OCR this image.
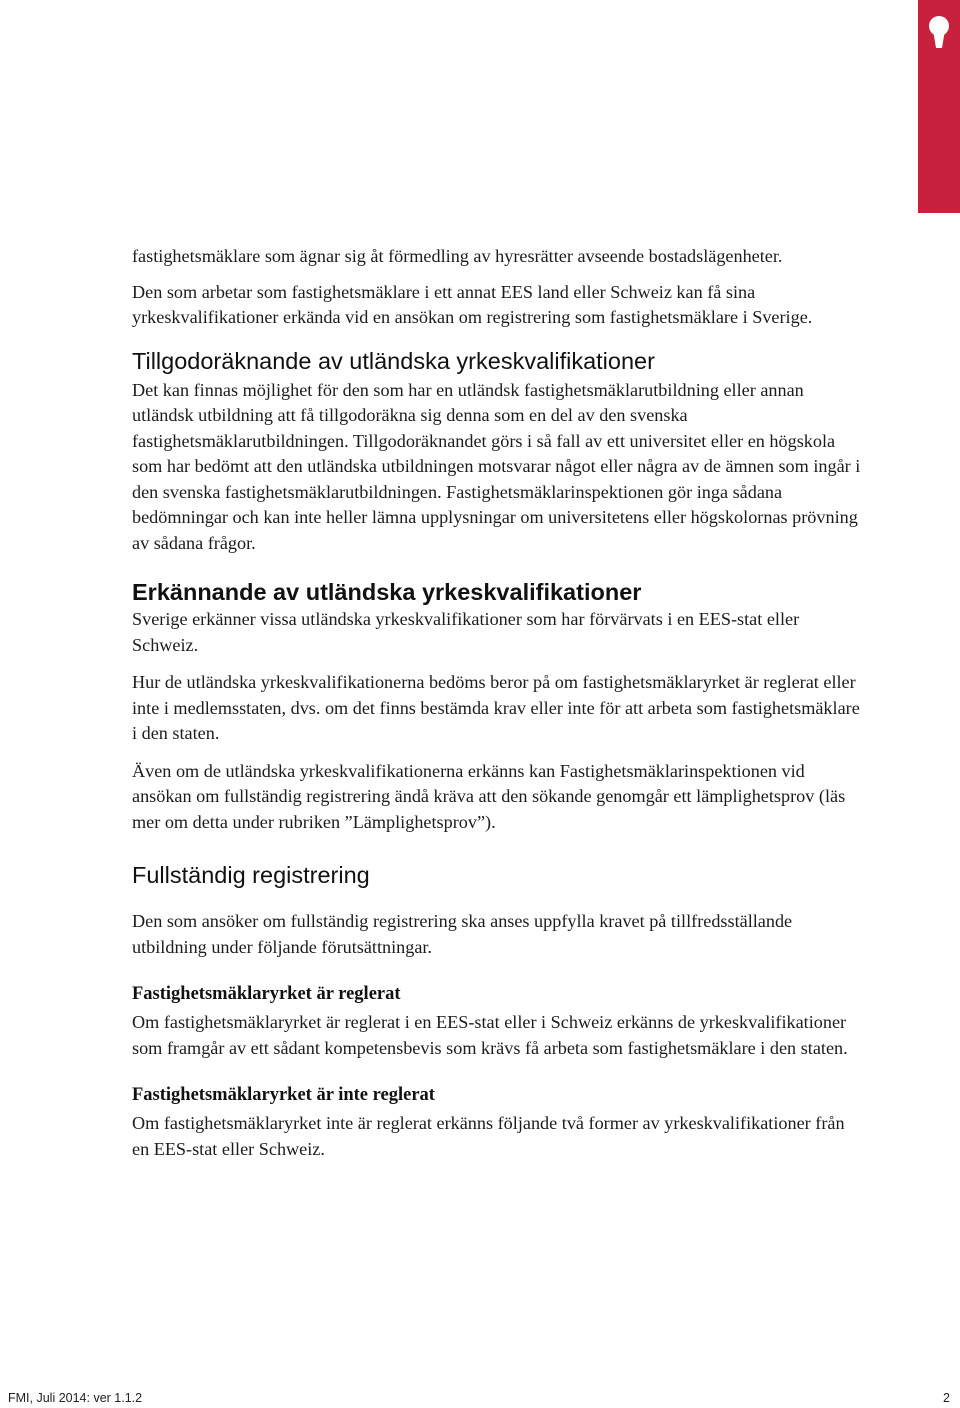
fastighetsmäklare som ägnar sig åt förmedling av hyresrätter avseende bostadslägenheter.

Den som arbetar som fastighetsmäklare i ett annat EES land eller Schweiz kan få sina yrkeskvalifikationer erkända vid en ansökan om registrering som fastighetsmäklare i Sverige.

Tillgodoräknande av utländska yrkeskvalifikationer

Det kan finnas möjlighet för den som har en utländsk fastighetsmäklarutbildning eller annan utländsk utbildning att få tillgodoräkna sig denna som en del av den svenska fastighetsmäklarutbildningen. Tillgodoräknandet görs i så fall av ett universitet eller en högskola som har bedömt att den utländska utbildningen motsvarar något eller några av de ämnen som ingår i den svenska fastighetsmäklarutbildningen. Fastighetsmäklarinspektionen gör inga sådana bedömningar och kan inte heller lämna upplysningar om universitetens eller högskolornas prövning av sådana frågor.

Erkännande av utländska yrkeskvalifikationer

Sverige erkänner vissa utländska yrkeskvalifikationer som har förvärvats i en EES-stat eller Schweiz.

Hur de utländska yrkeskvalifikationerna bedöms beror på om fastighetsmäklaryrket är reglerat eller inte i medlemsstaten, dvs. om det finns bestämda krav eller inte för att arbeta som fastighetsmäklare i den staten.

Även om de utländska yrkeskvalifikationerna erkänns kan Fastighetsmäklarinspektionen vid ansökan om fullständig registrering ändå kräva att den sökande genomgår ett lämplighetsprov (läs mer om detta under rubriken ”Lämplighetsprov”).

Fullständig registrering

Den som ansöker om fullständig registrering ska anses uppfylla kravet på tillfredsställande utbildning under följande förutsättningar.

Fastighetsmäklaryrket är reglerat

Om fastighetsmäklaryrket är reglerat i en EES-stat eller i Schweiz erkänns de yrkeskvalifikationer som framgår av ett sådant kompetensbevis som krävs få arbeta som fastighetsmäklare i den staten.

Fastighetsmäklaryrket är inte reglerat

Om fastighetsmäklaryrket inte är reglerat erkänns följande två former av yrkeskvalifikationer från en EES-stat eller Schweiz.

FMI, Juli 2014: ver 1.1.2	2
